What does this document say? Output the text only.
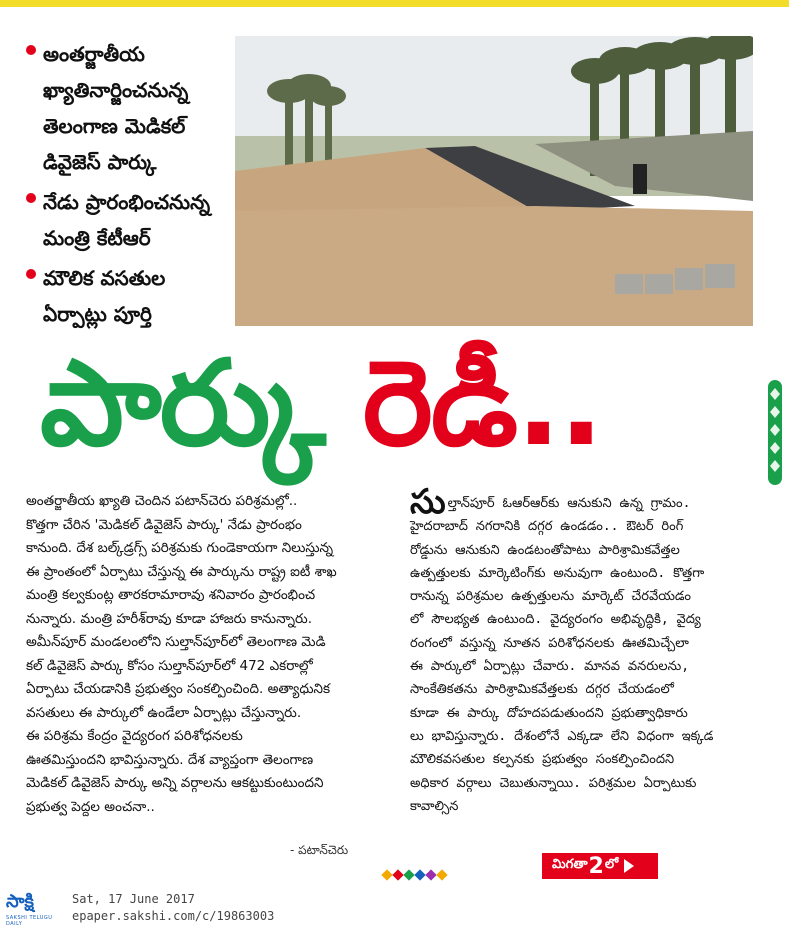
అంతర్జాతీయ
ఖ్యాతినార్జించనున్న
తెలంగాణ మెడికల్
డివైజెస్ పార్కు
నేడు ప్రారంభించనున్న
మంత్రి కేటీఆర్
మౌలిక వసతుల
ఏర్పాట్లు పూర్తి
పార్కు రెడీ..
అంతర్జాతీయ ఖ్యాతి చెందిన పటాన్‌చెరు పరిశ్రమల్లో..
కొత్తగా చేరిన 'మెడికల్ డివైజెస్ పార్కు' నేడు ప్రారంభం
కానుంది. దేశ బల్క్‌డ్రగ్స్ పరిశ్రమకు గుండెకాయగా నిలుస్తున్న
ఈ ప్రాంతంలో ఏర్పాటు చేస్తున్న ఈ పార్కును రాష్ట్ర ఐటీ శాఖ
మంత్రి కల్వకుంట్ల తారకరామారావు శనివారం ప్రారంభించ
నున్నారు. మంత్రి హరీశ్‌రావు కూడా హాజరు కానున్నారు.
అమీన్‌పూర్ మండలంలోని సుల్తాన్‌పూర్‌లో తెలంగాణ మెడి
కల్ డివైజెస్ పార్కు కోసం సుల్తాన్‌పూర్‌లో 472 ఎకరాల్లో
ఏర్పాటు చేయడానికి ప్రభుత్వం సంకల్పించింది. అత్యాధునిక
వసతులు ఈ పార్కులో ఉండేలా ఏర్పాట్లు చేస్తున్నారు.
ఈ పరిశ్రమ కేంద్రం వైద్యరంగ పరిశోధనలకు
ఊతమిస్తుందని భావిస్తున్నారు. దేశ వ్యాప్తంగా తెలంగాణ
మెడికల్ డివైజెస్ పార్కు అన్ని వర్గాలను ఆకట్టుకుంటుందని
ప్రభుత్వ పెద్దల అంచనా..
- పటాన్‌చెరు
సుల్తాన్‌పూర్ ఓఆర్‌ఆర్‌కు ఆనుకుని ఉన్న గ్రామం.
హైదరాబాద్ నగరానికి దగ్గర ఉండడం.. ఔటర్ రింగ్
రోడ్డును ఆనుకుని ఉండటంతోపాటు పారిశ్రామికవేత్తల
ఉత్పత్తులకు మార్కెటింగ్‌కు అనువుగా ఉంటుంది. కొత్తగా
రానున్న పరిశ్రమల ఉత్పత్తులను మార్కెట్ చేరవేయడం
లో సౌలభ్యత ఉంటుంది. వైద్యరంగం అభివృద్ధికి, వైద్య
రంగంలో వస్తున్న నూతన పరిశోధనలకు ఊతమిచ్చేలా
ఈ పార్కులో ఏర్పాట్లు చేవారు. మానవ వనరులను,
సాంకేతికతను పారిశ్రామికవేత్తలకు దగ్గర చేయడంలో
కూడా ఈ పార్కు దోహదపడుతుందని ప్రభుత్వాధికారు
లు భావిస్తున్నారు. దేశంలోనే ఎక్కడా లేని విధంగా ఇక్కడ
మౌలికవసతుల కల్పనకు ప్రభుత్వం సంకల్పించిందని
అధికార వర్గాలు చెబుతున్నాయి. పరిశ్రమల ఏర్పాటుకు
కావాల్సిన
మిగతా 2 లో
సాక్షి
SAKSHI TELUGU DAILY
Sat, 17 June 2017
epaper.sakshi.com/c/19863003
